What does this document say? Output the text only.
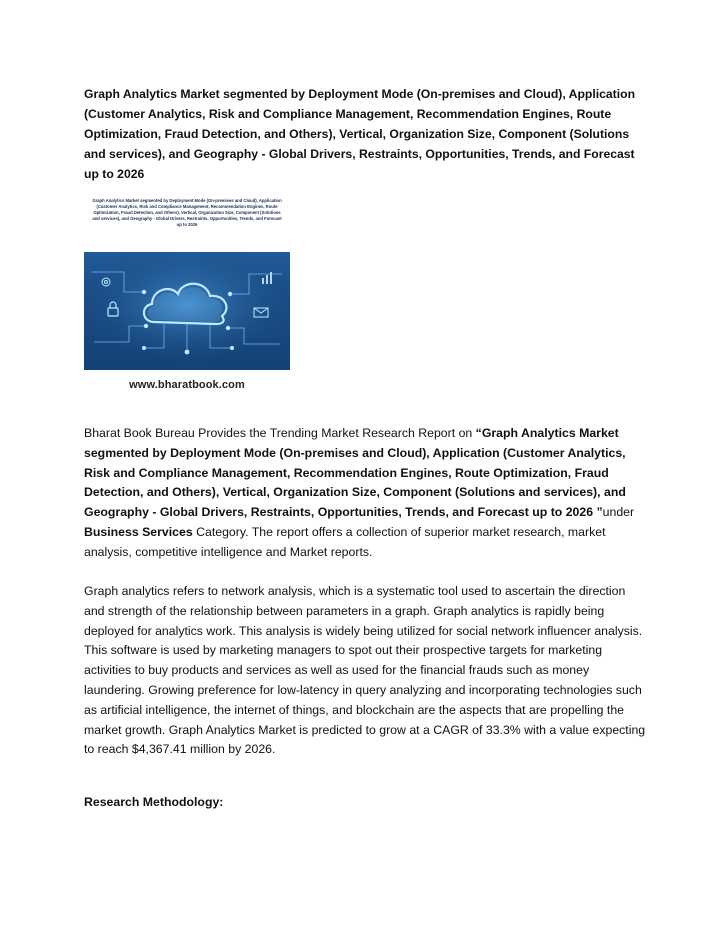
Graph Analytics Market segmented by Deployment Mode (On-premises and Cloud), Application (Customer Analytics, Risk and Compliance Management, Recommendation Engines, Route Optimization, Fraud Detection, and Others), Vertical, Organization Size, Component (Solutions and services), and Geography - Global Drivers, Restraints, Opportunities, Trends, and Forecast up to 2026
Graph Analytics Market segmented by Deployment Mode (On-premises and Cloud), Application (Customer Analytics, Risk and Compliance Management, Recommendation Engines, Route Optimization, Fraud Detection, and Others), Vertical, Organization Size, Component (Solutions and services), and Geography - Global Drivers, Restraints, Opportunities, Trends, and Forecast up to 2026
www.bharatbook.com
Bharat Book Bureau Provides the Trending Market Research Report on “Graph Analytics Market segmented by Deployment Mode (On-premises and Cloud), Application (Customer Analytics, Risk and Compliance Management, Recommendation Engines, Route Optimization, Fraud Detection, and Others), Vertical, Organization Size, Component (Solutions and services), and Geography - Global Drivers, Restraints, Opportunities, Trends, and Forecast up to 2026 ”under Business Services Category. The report offers a collection of superior market research, market analysis, competitive intelligence and Market reports.
Graph analytics refers to network analysis, which is a systematic tool used to ascertain the direction and strength of the relationship between parameters in a graph. Graph analytics is rapidly being deployed for analytics work. This analysis is widely being utilized for social network influencer analysis. This software is used by marketing managers to spot out their prospective targets for marketing activities to buy products and services as well as used for the financial frauds such as money laundering. Growing preference for low-latency in query analyzing and incorporating technologies such as artificial intelligence, the internet of things, and blockchain are the aspects that are propelling the market growth. Graph Analytics Market is predicted to grow at a CAGR of 33.3% with a value expecting to reach $4,367.41 million by 2026.
Research Methodology:
